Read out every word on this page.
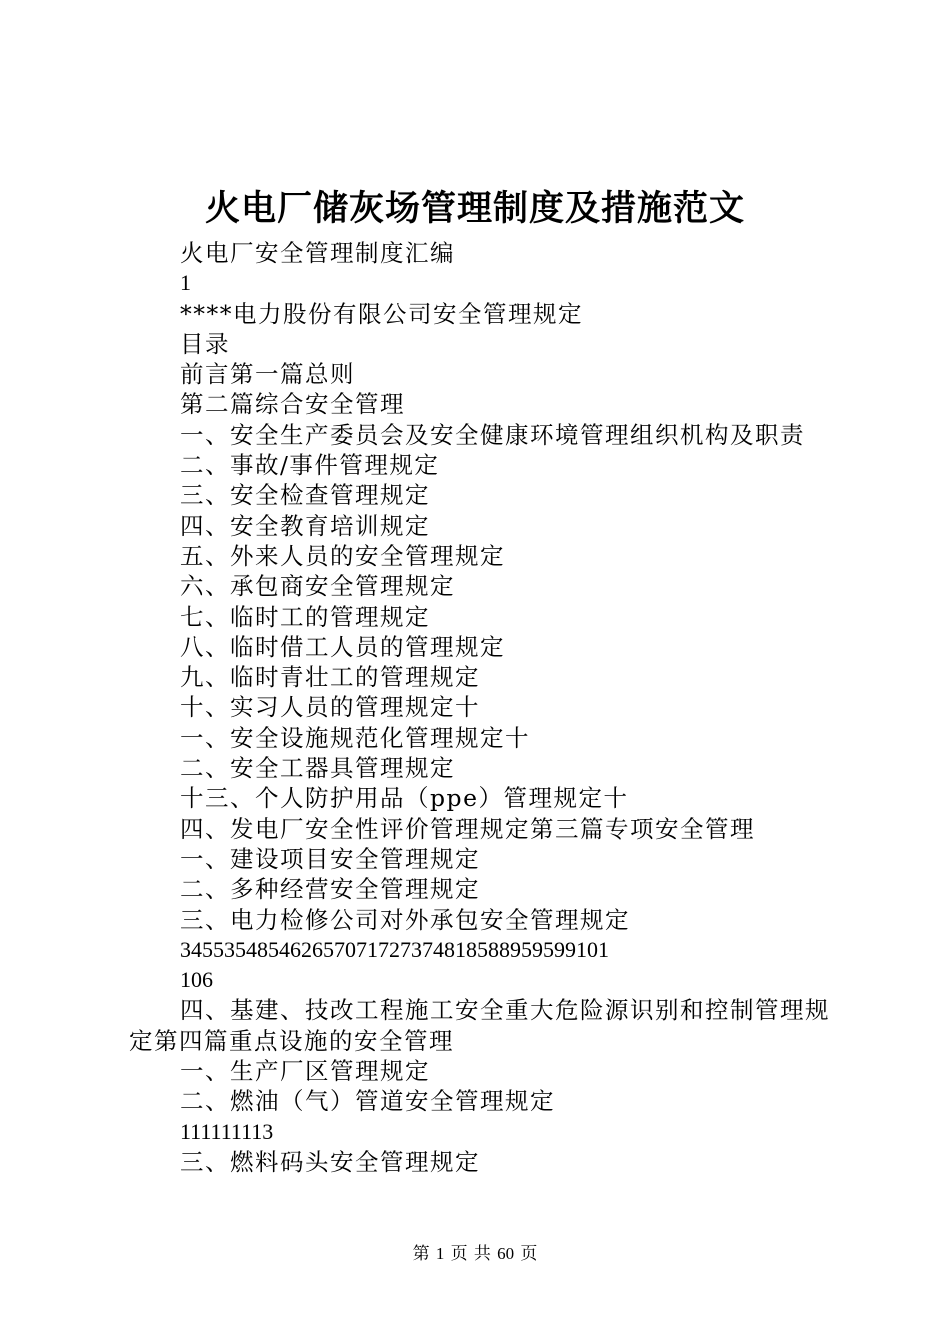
火电厂储灰场管理制度及措施范文
火电厂安全管理制度汇编
1
****电力股份有限公司安全管理规定
目录
前言第一篇总则
第二篇综合安全管理
一、安全生产委员会及安全健康环境管理组织机构及职责
二、事故/事件管理规定
三、安全检查管理规定
四、安全教育培训规定
五、外来人员的安全管理规定
六、承包商安全管理规定
七、临时工的管理规定
八、临时借工人员的管理规定
九、临时青壮工的管理规定
十、实习人员的管理规定十
一、安全设施规范化管理规定十
二、安全工器具管理规定
十三、个人防护用品（ppe）管理规定十
四、发电厂安全性评价管理规定第三篇专项安全管理
一、建设项目安全管理规定
二、多种经营安全管理规定
三、电力检修公司对外承包安全管理规定
3455354854626570717273748185889595991​01
106
四、基建、技改工程施工安全重大危险源识别和控制管理规定第四篇重点设施的安全管理
一、生产厂区管理规定
二、燃油（气）管道安全管理规定
111111113
三、燃料码头安全管理规定
第 1 页 共 60 页
